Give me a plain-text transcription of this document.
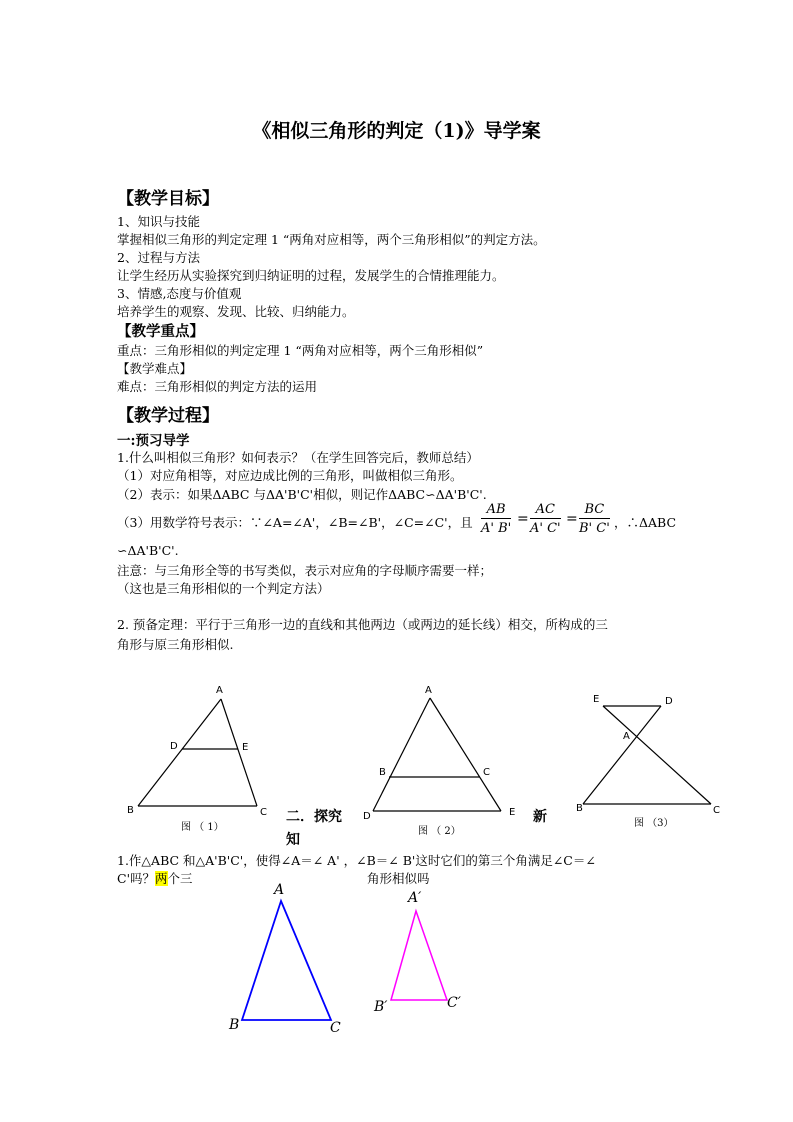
《相似三角形的判定（1)》导学案
【教学目标】
1、知识与技能
掌握相似三角形的判定定理 1 “两角对应相等，两个三角形相似”的判定方法。
2、过程与方法
让学生经历从实验探究到归纳证明的过程，发展学生的合情推理能力。
3、情感,态度与价值观
培养学生的观察、发现、比较、归纳能力。
【教学重点】
重点：三角形相似的判定定理 1 “两角对应相等，两个三角形相似”
【教学难点】
难点：三角形相似的判定方法的运用
【教学过程】
一:预习导学
1.什么叫相似三角形？如何表示？（在学生回答完后，教师总结）
（1）对应角相等，对应边成比例的三角形，叫做相似三角形。
（2）表示：如果ΔABC 与ΔA'B'C'相似，则记作ΔABC∽ΔA'B'C'.
（3）用数学符号表示：∵∠A=∠A'，∠B=∠B'，∠C=∠C'，且 $\frac{AB}{A' B'} = \frac{AC}{A' C'} = \frac{BC}{B' C'}$ ，∴ΔABC
∽ΔA'B'C'.
注意：与三角形全等的书写类似，表示对应角的字母顺序需要一样；
（这也是三角形相似的一个判定方法）
2. 预备定理：平行于三角形一边的直线和其他两边（或两边的延长线）相交，所构成的三
角形与原三角形相似.
A
D	E
B	C
图 （ 1）
A
B	C
D	E
图 （ 2）
E	D
A
B	C
图 （3）
二．探究	新
知
1.作△ABC 和△A'B'C'，使得∠A＝∠ A' ，∠B＝∠ B'这时它们的第三个角满足∠C＝∠
C'吗？两个三	角形相似吗
A
B	C
A′
B′	C′
